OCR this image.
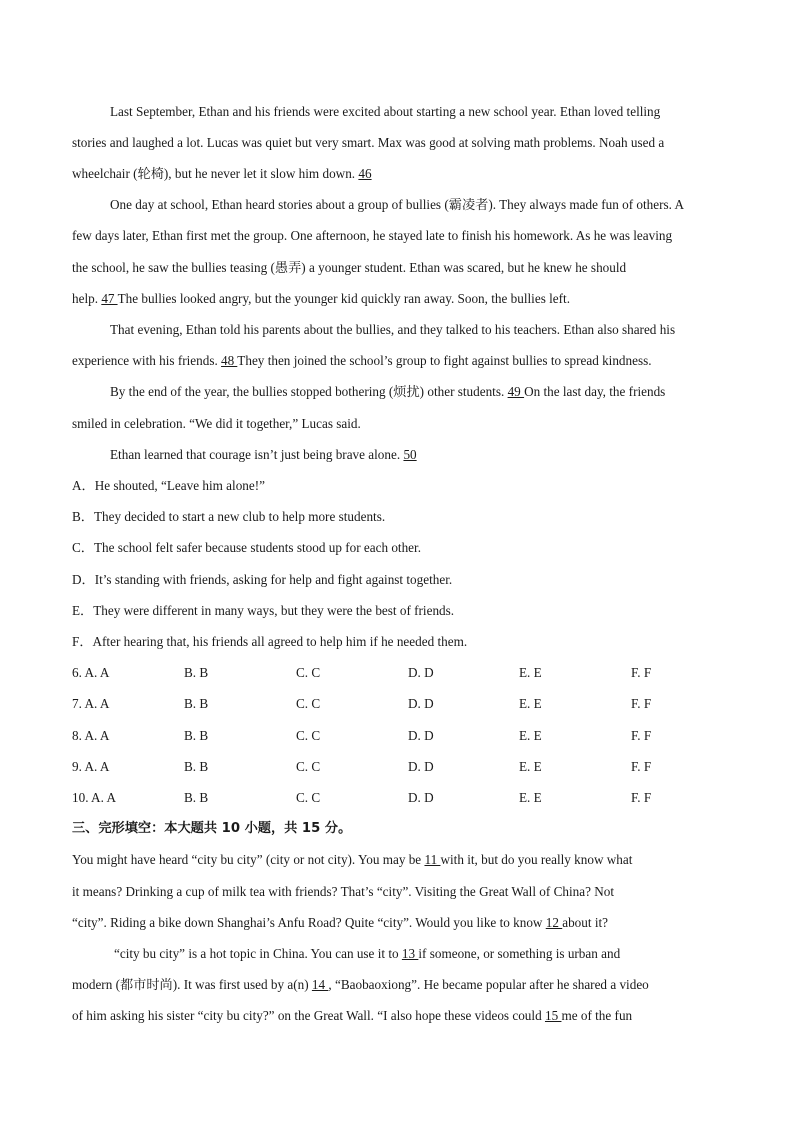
Last September, Ethan and his friends were excited about starting a new school year. Ethan loved telling
stories and laughed a lot. Lucas was quiet but very smart. Max was good at solving math problems. Noah used a
wheelchair (轮椅), but he never let it slow him down. 46
One day at school, Ethan heard stories about a group of bullies (霸凌者). They always made fun of others. A
few days later, Ethan first met the group. One afternoon, he stayed late to finish his homework. As he was leaving
the school, he saw the bullies teasing (愚弄) a younger student. Ethan was scared, but he knew he should
help. 47 The bullies looked angry, but the younger kid quickly ran away. Soon, the bullies left.
That evening, Ethan told his parents about the bullies, and they talked to his teachers. Ethan also shared his
experience with his friends. 48 They then joined the school’s group to fight against bullies to spread kindness.
By the end of the year, the bullies stopped bothering (烦扰) other students. 49 On the last day, the friends
smiled in celebration. “We did it together,” Lucas said.
Ethan learned that courage isn’t just being brave alone. 50
A．He shouted, “Leave him alone!”
B．They decided to start a new club to help more students.
C．The school felt safer because students stood up for each other.
D．It’s standing with friends, asking for help and fight against together.
E．They were different in many ways, but they were the best of friends.
F．After hearing that, his friends all agreed to help him if he needed them.
6. A. A	B. B	C. C	D. D	E. E	F. F
7. A. A	B. B	C. C	D. D	E. E	F. F
8. A. A	B. B	C. C	D. D	E. E	F. F
9. A. A	B. B	C. C	D. D	E. E	F. F
10. A. A	B. B	C. C	D. D	E. E	F. F
三、完形填空：本大题共 10 小题，共 15 分。
You might have heard “city bu city” (city or not city). You may be 11 with it, but do you really know what
it means? Drinking a cup of milk tea with friends? That’s “city”. Visiting the Great Wall of China? Not
“city”. Riding a bike down Shanghai’s Anfu Road? Quite “city”. Would you like to know 12 about it?
“city bu city” is a hot topic in China. You can use it to 13 if someone, or something is urban and
modern (都市时尚). It was first used by a(n) 14 , “Baobaoxiong”. He became popular after he shared a video
of him asking his sister “city bu city?” on the Great Wall. “I also hope these videos could 15 me of the fun
